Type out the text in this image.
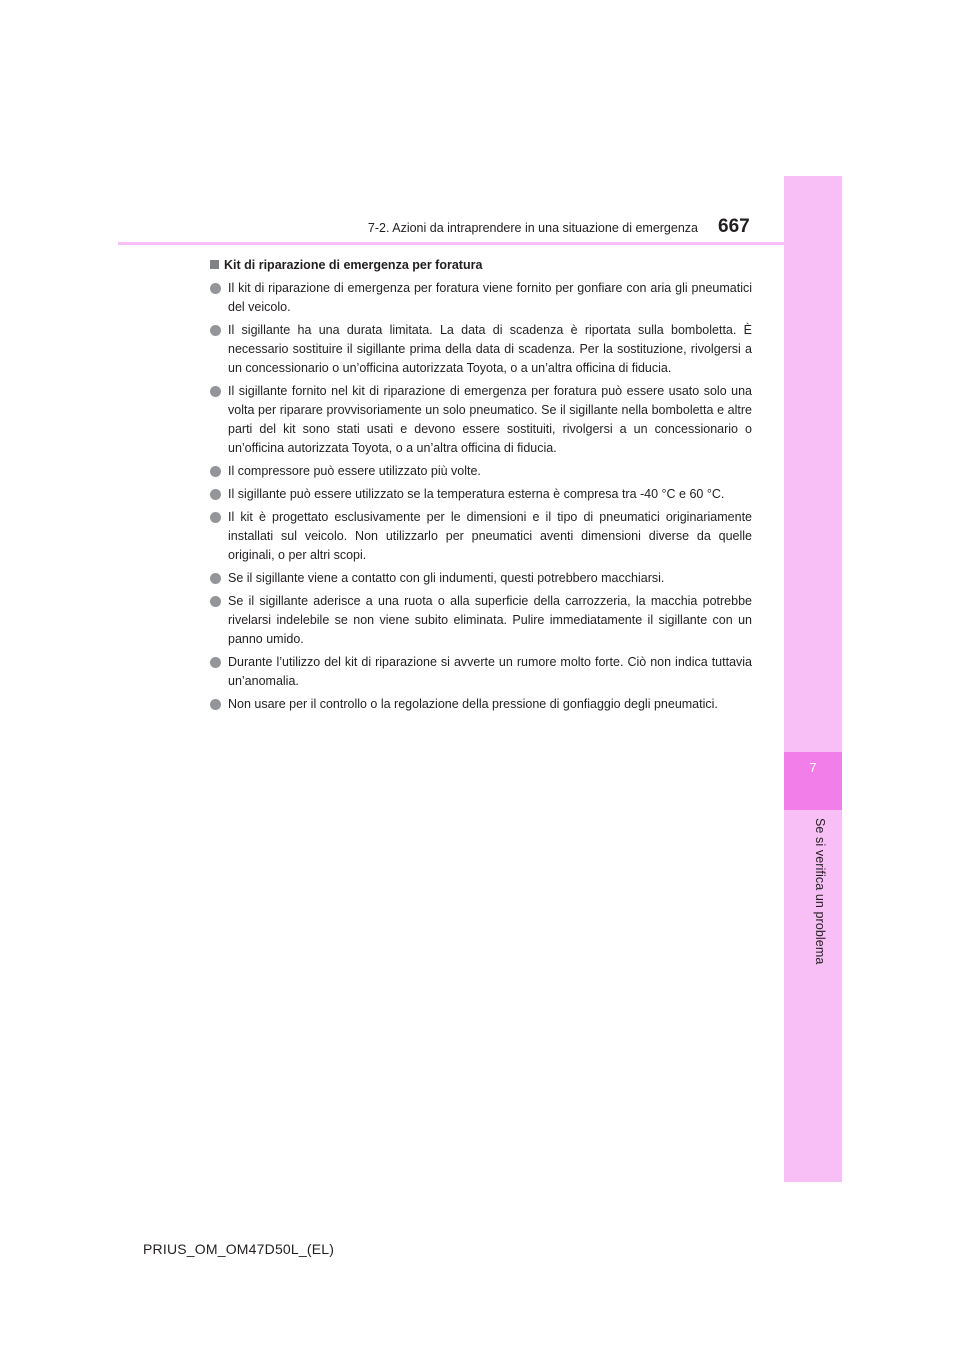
7
Se si verifica un problema
7-2. Azioni da intraprendere in una situazione di emergenza 667
Kit di riparazione di emergenza per foratura
Il kit di riparazione di emergenza per foratura viene fornito per gonfiare con aria gli pneumatici del veicolo.
Il sigillante ha una durata limitata. La data di scadenza è riportata sulla bomboletta. È necessario sostituire il sigillante prima della data di scadenza. Per la sostituzione, rivolgersi a un concessionario o un’officina autorizzata Toyota, o a un’altra officina di fiducia.
Il sigillante fornito nel kit di riparazione di emergenza per foratura può essere usato solo una volta per riparare provvisoriamente un solo pneumatico. Se il sigillante nella bomboletta e altre parti del kit sono stati usati e devono essere sostituiti, rivolgersi a un concessionario o un’officina autorizzata Toyota, o a un’altra officina di fiducia.
Il compressore può essere utilizzato più volte.
Il sigillante può essere utilizzato se la temperatura esterna è compresa tra -40 °C e 60 °C.
Il kit è progettato esclusivamente per le dimensioni e il tipo di pneumatici originariamente installati sul veicolo. Non utilizzarlo per pneumatici aventi dimensioni diverse da quelle originali, o per altri scopi.
Se il sigillante viene a contatto con gli indumenti, questi potrebbero macchiarsi.
Se il sigillante aderisce a una ruota o alla superficie della carrozzeria, la macchia potrebbe rivelarsi indelebile se non viene subito eliminata. Pulire immediatamente il sigillante con un panno umido.
Durante l’utilizzo del kit di riparazione si avverte un rumore molto forte. Ciò non indica tuttavia un’anomalia.
Non usare per il controllo o la regolazione della pressione di gonfiaggio degli pneumatici.
PRIUS_OM_OM47D50L_(EL)
